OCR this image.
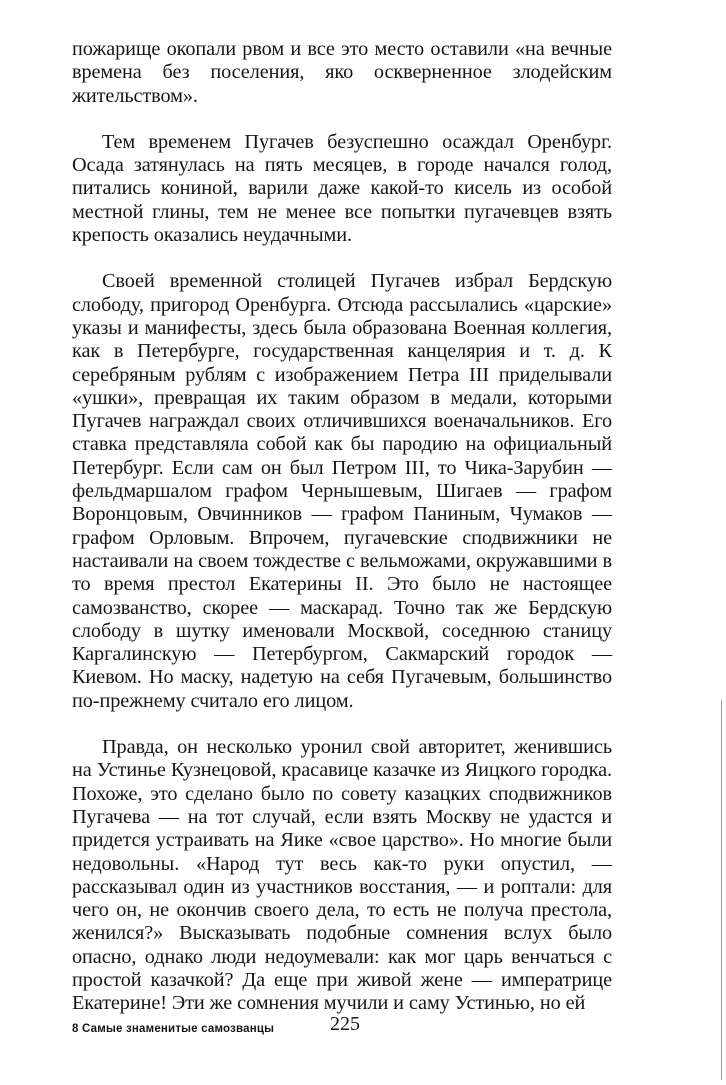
пожарище окопали рвом и все это место оставили «на вечные времена без поселения, яко оскверненное злодейским жительством».

Тем временем Пугачев безуспешно осаждал Оренбург. Осада затянулась на пять месяцев, в городе начался голод, питались кониной, варили даже какой-то кисель из особой местной глины, тем не менее все попытки пугачевцев взять крепость оказались неудачными.

Своей временной столицей Пугачев избрал Бердскую слободу, пригород Оренбурга. Отсюда рассылались «царские» указы и манифесты, здесь была образована Военная коллегия, как в Петербурге, государственная канцелярия и т. д. К серебряным рублям с изображением Петра III приделывали «ушки», превращая их таким образом в медали, которыми Пугачев награждал своих отличившихся военачальников. Его ставка представляла собой как бы пародию на официальный Петербург. Если сам он был Петром III, то Чика-Зарубин — фельдмаршалом графом Чернышевым, Шигаев — графом Воронцовым, Овчинников — графом Паниным, Чумаков — графом Орловым. Впрочем, пугачевские сподвижники не настаивали на своем тождестве с вельможами, окружавшими в то время престол Екатерины II. Это было не настоящее самозванство, скорее — маскарад. Точно так же Бердскую слободу в шутку именовали Москвой, соседнюю станицу Каргалинскую — Петербургом, Сакмарский городок — Киевом. Но маску, надетую на себя Пугачевым, большинство по-прежнему считало его лицом.

Правда, он несколько уронил свой авторитет, женившись на Устинье Кузнецовой, красавице казачке из Яицкого городка. Похоже, это сделано было по совету казацких сподвижников Пугачева — на тот случай, если взять Москву не удастся и придется устраивать на Яике «свое царство». Но многие были недовольны. «Народ тут весь как-то руки опустил, — рассказывал один из участников восстания, — и роптали: для чего он, не окончив своего дела, то есть не получа престола, женился?» Высказывать подобные сомнения вслух было опасно, однако люди недоумевали: как мог царь венчаться с простой казачкой? Да еще при живой жене — императрице Екатерине! Эти же сомнения мучили и саму Устинью, но ей

8 Самые знаменитые самозванцы	225
